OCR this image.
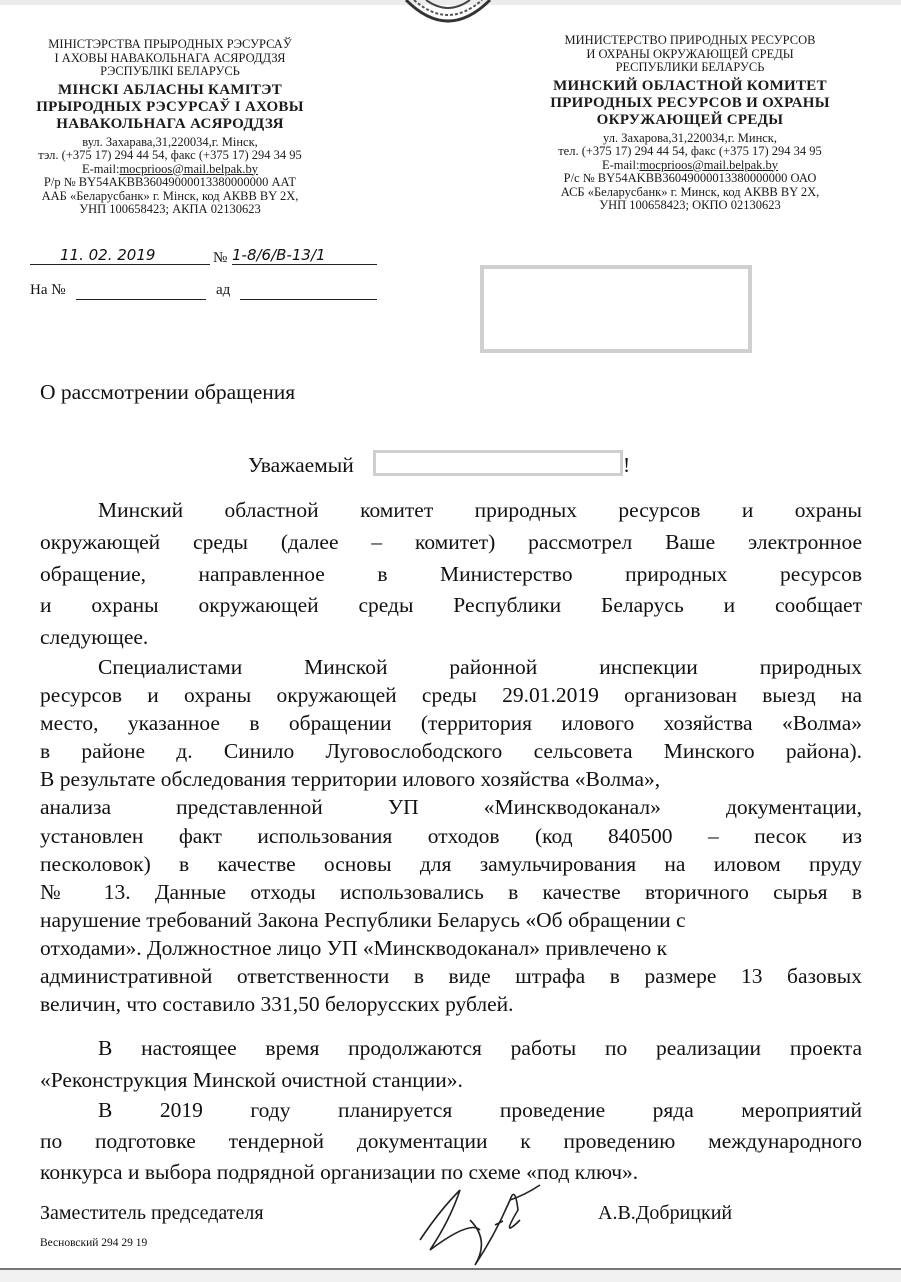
МІНІСТЭРСТВА ПРЫРОДНЫХ РЭСУРСАЎ
І АХОВЫ НАВАКОЛЬНАГА АСЯРОДДЗЯ
РЭСПУБЛІКІ БЕЛАРУСЬ
МІНСКІ АБЛАСНЫ КАМІТЭТ
ПРЫРОДНЫХ РЭСУРСАЎ І АХОВЫ
НАВАКОЛЬНАГА АСЯРОДДЗЯ
вул. Захарава,31,220034,г. Мінск,
тэл. (+375 17) 294 44 54, факс (+375 17) 294 34 95
E-mail:mocprioos@mail.belpak.by
Р/р № BY54AKBB36049000013380000000 ААТ
ААБ «Беларусбанк» г. Мінск, код АКВВ BY 2X,
УНП 100658423; АКПА 02130623
МИНИСТЕРСТВО ПРИРОДНЫХ РЕСУРСОВ
И ОХРАНЫ ОКРУЖАЮЩЕЙ СРЕДЫ
РЕСПУБЛИКИ БЕЛАРУСЬ
МИНСКИЙ ОБЛАСТНОЙ КОМИТЕТ
ПРИРОДНЫХ РЕСУРСОВ И ОХРАНЫ
ОКРУЖАЮЩЕЙ СРЕДЫ
ул. Захарова,31,220034,г. Минск,
тел. (+375 17) 294 44 54, факс (+375 17) 294 34 95
E-mail:mocprioos@mail.belpak.by
Р/с № BY54AKBB36049000013380000000 ОАО
АСБ «Беларусбанк» г. Минск, код АКВВ BY 2X,
УНП 100658423; ОКПО 02130623
11. 02. 2019	№ 1-8/6/В-13/1
На №	ад
О рассмотрении обращения
Уважаемый	!
Минский областной комитет природных ресурсов и охраны
окружающей среды (далее – комитет) рассмотрел Ваше электронное
обращение, направленное в Министерство природных ресурсов
и охраны окружающей среды Республики Беларусь и сообщает
следующее.
Специалистами Минской районной инспекции природных
ресурсов и охраны окружающей среды 29.01.2019 организован выезд на
место, указанное в обращении (территория илового хозяйства «Волма»
в районе д. Синило Луговослободского сельсовета Минского района).
В результате обследования территории илового хозяйства «Волма»,
анализа представленной УП «Минскводоканал» документации,
установлен факт использования отходов (код 840500 – песок из
песколовок) в качестве основы для замульчирования на иловом пруду
№ 13. Данные отходы использовались в качестве вторичного сырья в
нарушение требований Закона Республики Беларусь «Об обращении с
отходами». Должностное лицо УП «Минскводоканал» привлечено к
административной ответственности в виде штрафа в размере 13 базовых
величин, что составило 331,50 белорусских рублей.
В настоящее время продолжаются работы по реализации проекта
«Реконструкция Минской очистной станции».
В 2019 году планируется проведение ряда мероприятий
по подготовке тендерной документации к проведению международного
конкурса и выбора подрядной организации по схеме «под ключ».
Заместитель председателя	А.В.Добрицкий
Весновский 294 29 19
